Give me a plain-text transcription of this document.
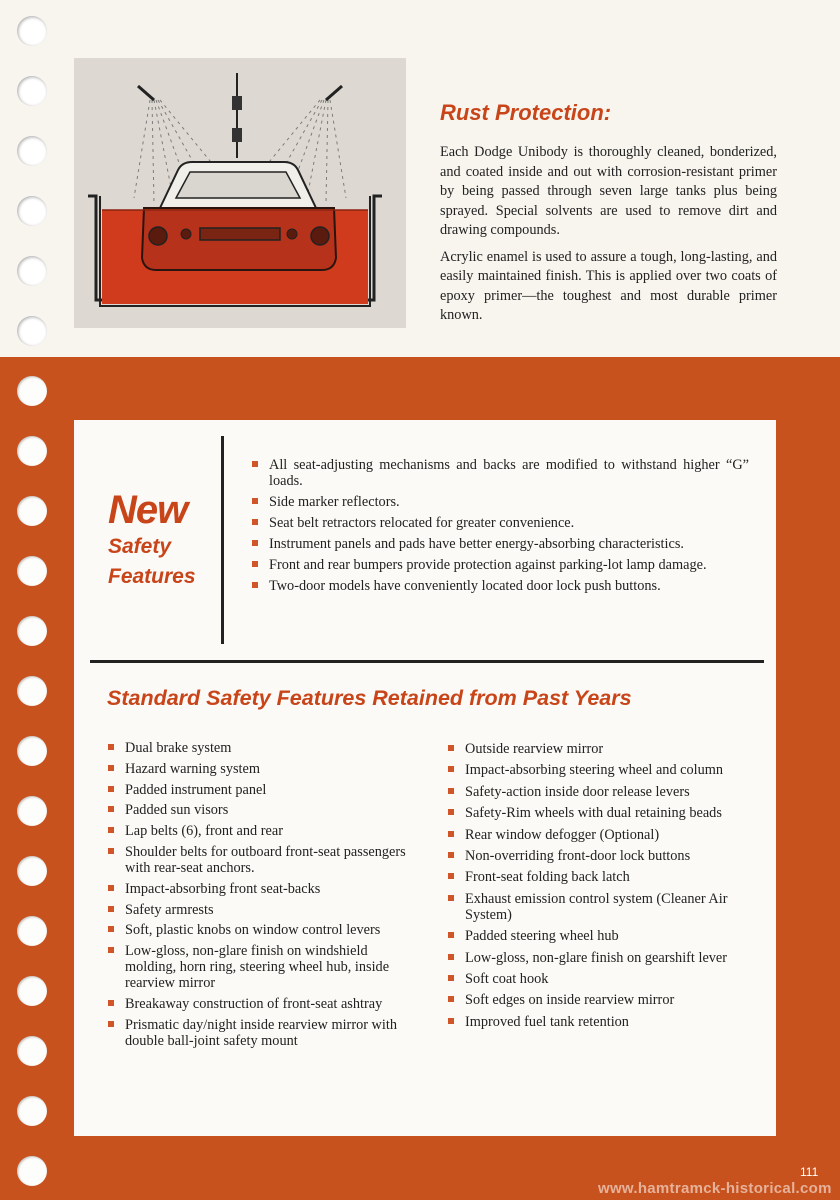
Rust Protection:

Each Dodge Unibody is thoroughly cleaned, bonderized, and coated inside and out with corrosion-resistant primer by being passed through seven large tanks plus being sprayed. Special solvents are used to remove dirt and drawing compounds.

Acrylic enamel is used to assure a tough, long-lasting, and easily maintained finish. This is applied over two coats of epoxy primer—the toughest and most durable primer known.

New
Safety
Features
All seat-adjusting mechanisms and backs are modified to withstand higher “G” loads.
Side marker reflectors.
Seat belt retractors relocated for greater convenience.
Instrument panels and pads have better energy-absorbing characteristics.
Front and rear bumpers provide protection against parking-lot lamp damage.
Two-door models have conveniently located door lock push buttons.
Standard Safety Features Retained from Past Years
Dual brake system
Hazard warning system
Padded instrument panel
Padded sun visors
Lap belts (6), front and rear
Shoulder belts for outboard front-seat passengers with rear-seat anchors.
Impact-absorbing front seat-backs
Safety armrests
Soft, plastic knobs on window control levers
Low-gloss, non-glare finish on windshield molding, horn ring, steering wheel hub, inside rearview mirror
Breakaway construction of front-seat ashtray
Prismatic day/night inside rearview mirror with double ball-joint safety mount
Outside rearview mirror
Impact-absorbing steering wheel and column
Safety-action inside door release levers
Safety-Rim wheels with dual retaining beads
Rear window defogger (Optional)
Non-overriding front-door lock buttons
Front-seat folding back latch
Exhaust emission control system (Cleaner Air System)
Padded steering wheel hub
Low-gloss, non-glare finish on gearshift lever
Soft coat hook
Soft edges on inside rearview mirror
Improved fuel tank retention
111
www.hamtramck-historical.com
